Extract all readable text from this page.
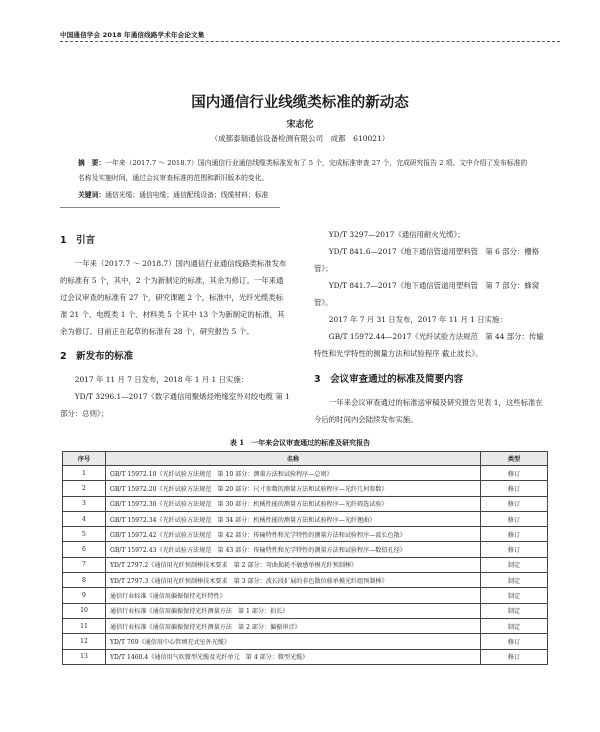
中国通信学会 2018 年通信线路学术年会论文集
国内通信行业线缆类标准的新动态
宋志佗
（成都泰瑞通信设备检测有限公司　成都　610021）
摘　要：一年来（2017.7 ～ 2018.7）国内通信行业通信线缆类标准发布了 5 个，完成标准审查 27 个，完成研究报告 2 项。文中介绍了发布标准的名称及实施时间，通过会议审查标准的范围和新旧版本的变化。
关键词：通信光缆；通信电缆；通信配线设备；线缆材料；标准
1　引言

一年来（2017.7 ～ 2018.7）国内通信行业通信线路类标准发布的标准有 5 个，其中，2 个为新制定的标准，其余为修订。一年来通过会议审查的标准有 27 个，研究课题 2 个，标准中，光纤光缆类标准 21 个、电缆类 1 个、材料类 5 个其中 13 个为新制定的标准，其余为修订。目前正在起草的标准有 28 个，研究报告 5 个。

2　新发布的标准

2017 年 11 月 7 日发布，2018 年 1 月 1 日实施：

YD/T 3296.1—2017《数字通信用聚烯烃绝缘室外对绞电缆 第 1 部分：总则》；

YD/T 3297—2017《通信用耐火光缆》；

YD/T 841.6—2017《地下通信管道用塑料管　第 6 部分：栅格管》；

YD/T 841.7—2017《地下通信管道用塑料管　第 7 部分：蜂窝管》。

2017 年 7 月 31 日发布，2017 年 11 月 1 日实施：

GB/T 15972.44—2017《光纤试验方法规范　第 44 部分：传输特性和光学特性的测量方法和试验程序 截止波长》。

3　会议审查通过的标准及简要内容

一年来会议审查通过的标准送审稿及研究报告见表 1，这些标准在今后的时间内会陆续发布实施。

表 1　一年来会议审查通过的标准及研究报告
序号	名称	类型
1	GB/T 15972.10《光纤试验方法规范　第 10 部分：测量方法和试验程序—总则》	修订
2	GB/T 15972.20《光纤试验方法规范　第 20 部分：尺寸参数的测量方法和试验程序—光纤几何参数》	修订
3	GB/T 15972.30《光纤试验方法规范　第 30 部分：机械性能的测量方法和试验程序—光纤筛选试验》	修订
4	GB/T 15972.34《光纤试验方法规范　第 34 部分：机械性能的测量方法和试验程序—光纤翘曲》	修订
5	GB/T 15972.42《光纤试验方法规范　第 42 部分：传输特性和光学特性的测量方法和试验程序—波长色散》	修订
6	GB/T 15972.43《光纤试验方法规范　第 43 部分：传输特性和光学特性的测量方法和试验程序—数值孔径》	修订
7	YD/T 2797.2《通信用光纤预制棒技术要求　第 2 部分：弯曲损耗不敏感单模光纤预制棒》	制定
8	YD/T 2797.3《通信用光纤预制棒技术要求　第 3 部分：波长段扩展的非色散位移单模光纤组预制棒》	制定
9	通信行业标准《通信用偏振保持光纤特性》	制定
10	通信行业标准《通信用偏振保持光纤测量方法　第 1 部分：拍长》	制定
11	通信行业标准《通信用偏振保持光纤测量方法　第 2 部分：偏振串音》	制定
12	YD/T 769《通信用中心管填充式室外光缆》	修订
13	YD/T 1460.4《通信用气吹微型光缆及光纤单元　第 4 部分：微型光缆》	修订
